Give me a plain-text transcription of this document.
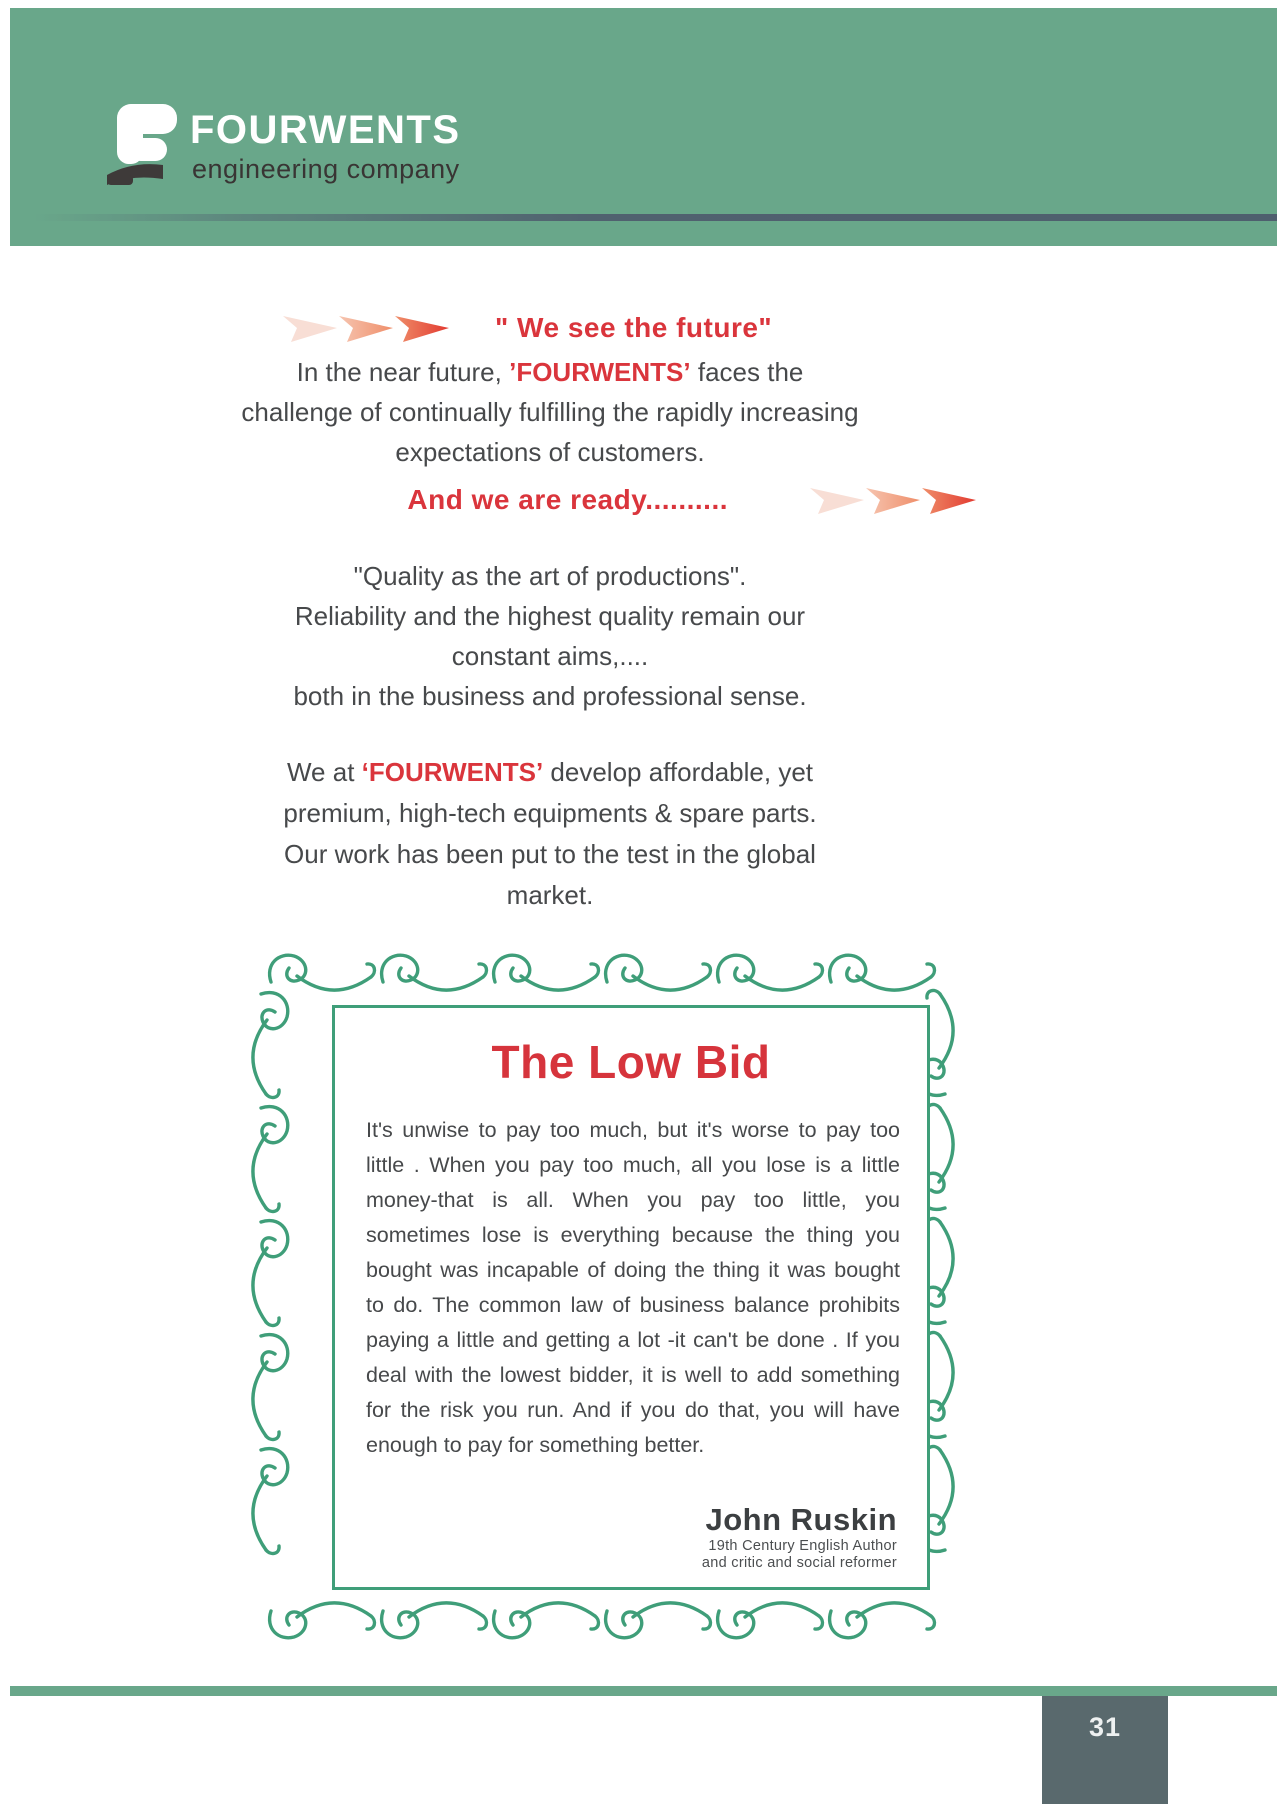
FOURWENTS
engineering company
" We see the future"
In the near future, ’FOURWENTS’ faces the
challenge of continually fulfilling the rapidly increasing
expectations of customers.
And we are ready..........
"Quality as the art of productions".
Reliability and the highest quality remain our
constant aims,....
both in the business and professional sense.
We at ‘FOURWENTS’ develop affordable, yet
premium, high-tech equipments & spare parts.
Our work has been put to the test in the global
market.
The Low Bid

It's unwise to pay too much, but it's worse to pay too little . When you pay too much, all you lose is a little money-that is all. When you pay too little, you sometimes lose is everything because the thing you bought was incapable of doing the thing it was bought to do. The common law of business balance prohibits paying a little and getting a lot -it can't be done . If you deal with the lowest bidder, it is well to add something for the risk you run. And if you do that, you will have enough to pay for something better.

John Ruskin
19th Century English Author
and critic and social reformer
31
